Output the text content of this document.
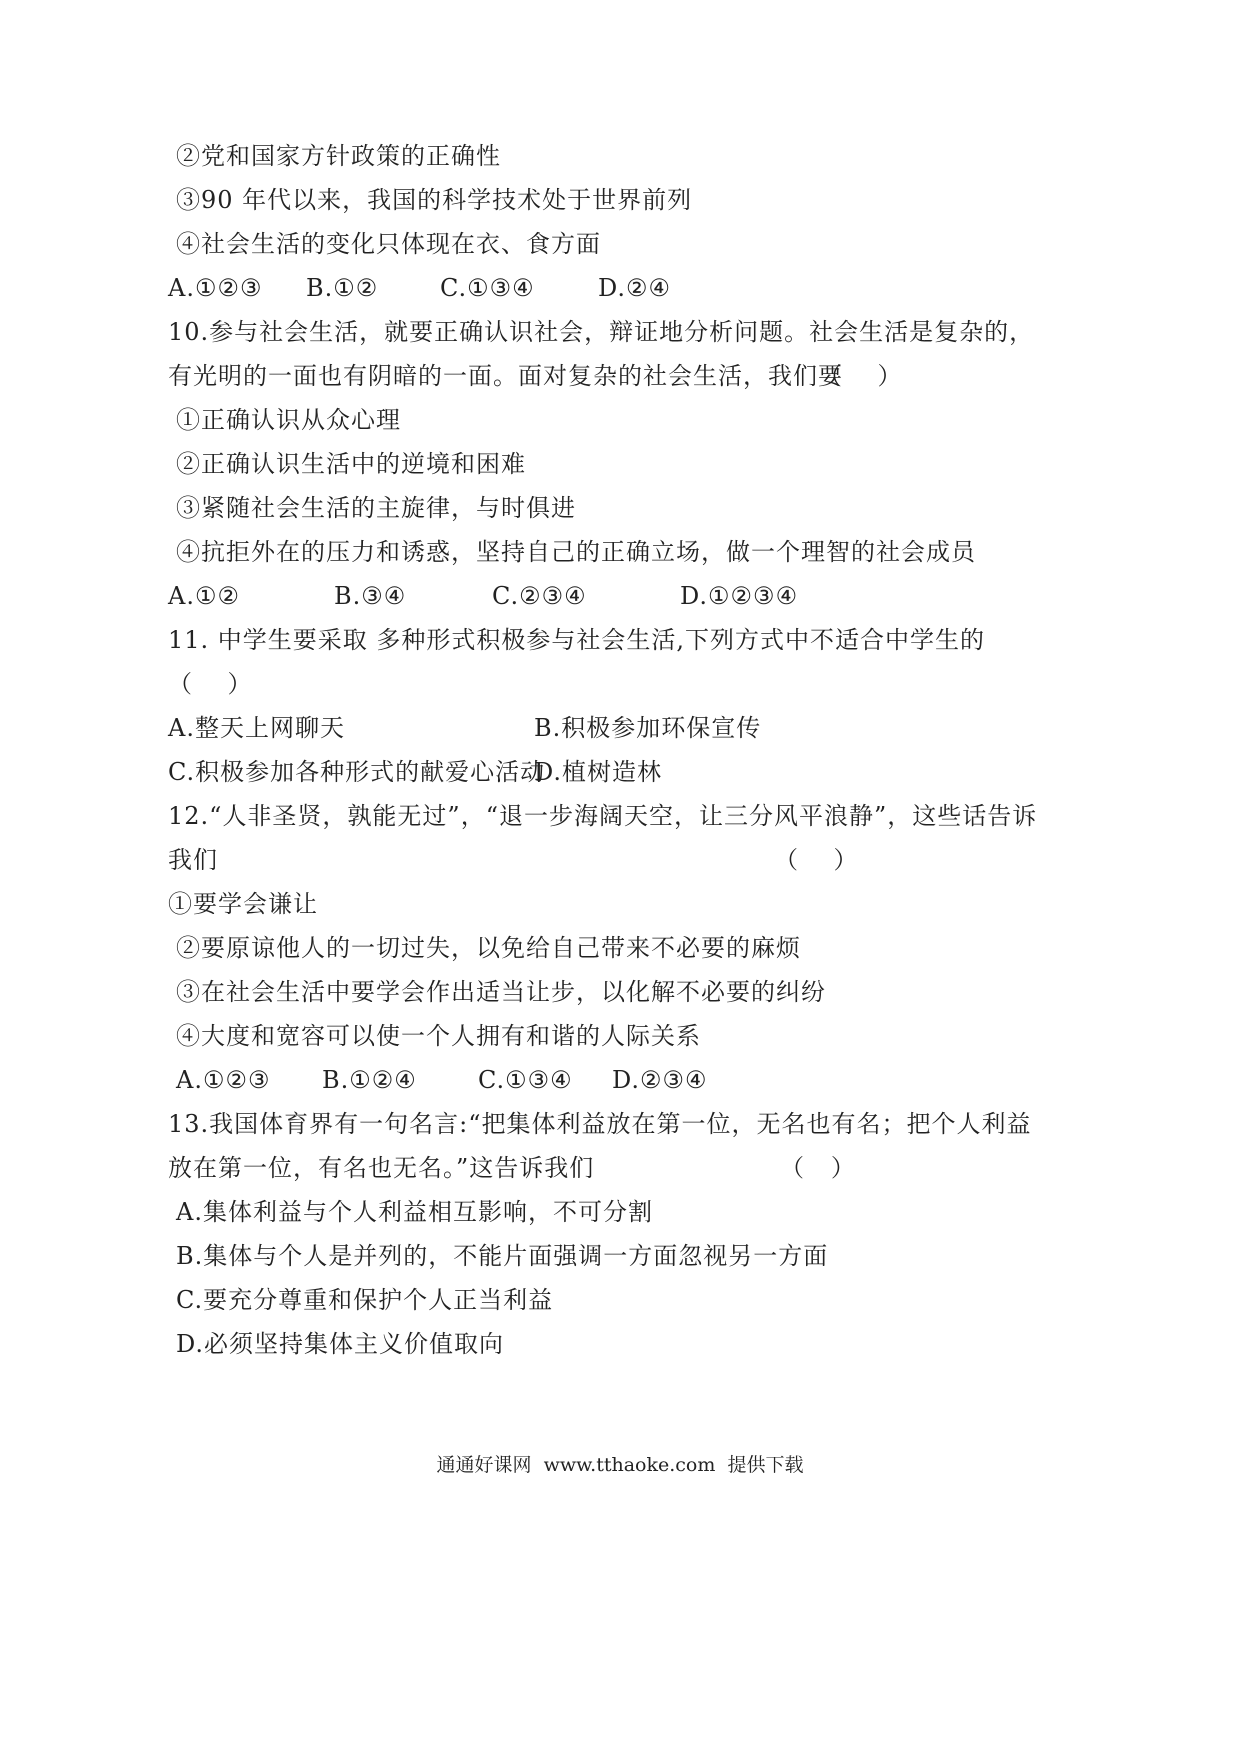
②党和国家方针政策的正确性
③90 年代以来，我国的科学技术处于世界前列
④社会生活的变化只体现在衣、食方面
A.①②③ B.①②	C.①③④	D.②④
10.参与社会生活，就要正确认识社会，辩证地分析问题。社会生活是复杂的，
有光明的一面也有阴暗的一面。面对复杂的社会生活，我们要
（    ）
①正确认识从众心理
②正确认识生活中的逆境和困难
③紧随社会生活的主旋律，与时俱进
④抗拒外在的压力和诱惑，坚持自己的正确立场，做一个理智的社会成员
A.①②	B.③④	C.②③④	D.①②③④
11. 中学生要采取 多种形式积极参与社会生活,下列方式中不适合中学生的
（    ）
A.整天上网聊天	B.积极参加环保宣传
C.积极参加各种形式的献爱心活动
D.植树造林
12.“人非圣贤，孰能无过”，“退一步海阔天空，让三分风平浪静”，这些话告诉
我们	（    ）
①要学会谦让
②要原谅他人的一切过失，以免给自己带来不必要的麻烦
③在社会生活中要学会作出适当让步，以化解不必要的纠纷
④大度和宽容可以使一个人拥有和谐的人际关系
A.①②③ B.①②④	C.①③④ D.②③④
13.我国体育界有一句名言:“把集体利益放在第一位，无名也有名；把个人利益
放在第一位，有名也无名。”这告诉我们	（   ）
A.集体利益与个人利益相互影响，不可分割
B.集体与个人是并列的，不能片面强调一方面忽视另一方面
C.要充分尊重和保护个人正当利益
D.必须坚持集体主义价值取向
通通好课网  www.tthaoke.com  提供下载
